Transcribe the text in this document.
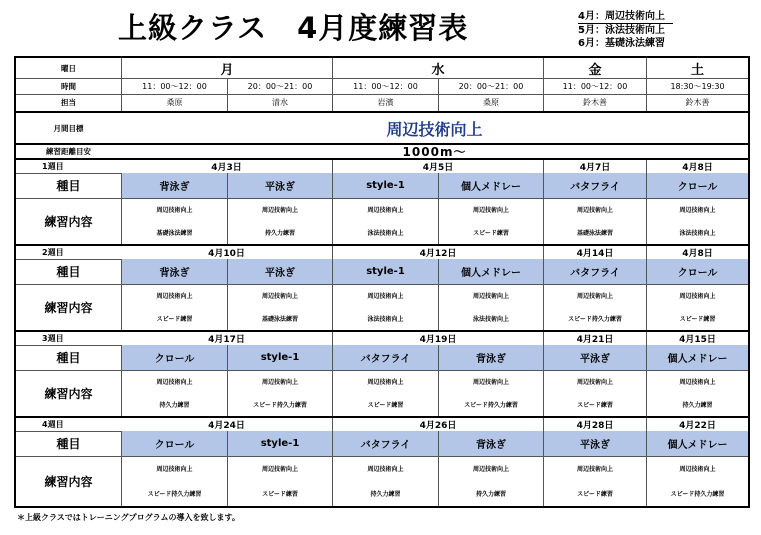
上級クラス　4月度練習表	4月：周辺技術向上
5月：泳法技術向上
6月：基礎泳法練習
曜日	月	水	金	土
時間	11：00～12：00	20：00～21：00	11：00～12：00	20：00～21：00	11：00～12：00	18:30～19:30
担当	桑原	清水	岩濱	桑原	鈴木善	鈴木善
月間目標	周辺技術向上
練習距離目安	1000m～
1週目	4月3日	4月5日	4月7日	4月8日
種目	背泳ぎ	平泳ぎ	style-1	個人メドレー	バタフライ	クロール
練習内容
周辺技術向上	周辺技術向上	周辺技術向上	周辺技術向上	周辺技術向上	周辺技術向上
基礎泳法練習	持久力練習	泳法技術向上	スピード練習	基礎泳法練習	泳法技術向上
2週目	4月10日	4月12日	4月14日	4月8日
種目	背泳ぎ	平泳ぎ	style-1	個人メドレー	バタフライ	クロール
練習内容
周辺技術向上	周辺技術向上	周辺技術向上	周辺技術向上	周辺技術向上	周辺技術向上
スピード練習	基礎泳法練習	泳法技術向上	泳法技術向上	スピード持久力練習	スピード練習
3週目	4月17日	4月19日	4月21日	4月15日
種目	クロール	style-1	バタフライ	背泳ぎ	平泳ぎ	個人メドレー
練習内容
周辺技術向上	周辺技術向上	周辺技術向上	周辺技術向上	周辺技術向上	周辺技術向上
持久力練習	スピード持久力練習	スピード練習	スピード持久力練習	スピード練習	持久力練習
4週目	4月24日	4月26日	4月28日	4月22日
種目	クロール	style-1	バタフライ	背泳ぎ	平泳ぎ	個人メドレー
練習内容
周辺技術向上	周辺技術向上	周辺技術向上	周辺技術向上	周辺技術向上	周辺技術向上
スピード持久力練習	スピード練習	持久力練習	持久力練習	スピード練習	スピード持久力練習
＊上級クラスではトレーニングプログラムの導入を致します。
